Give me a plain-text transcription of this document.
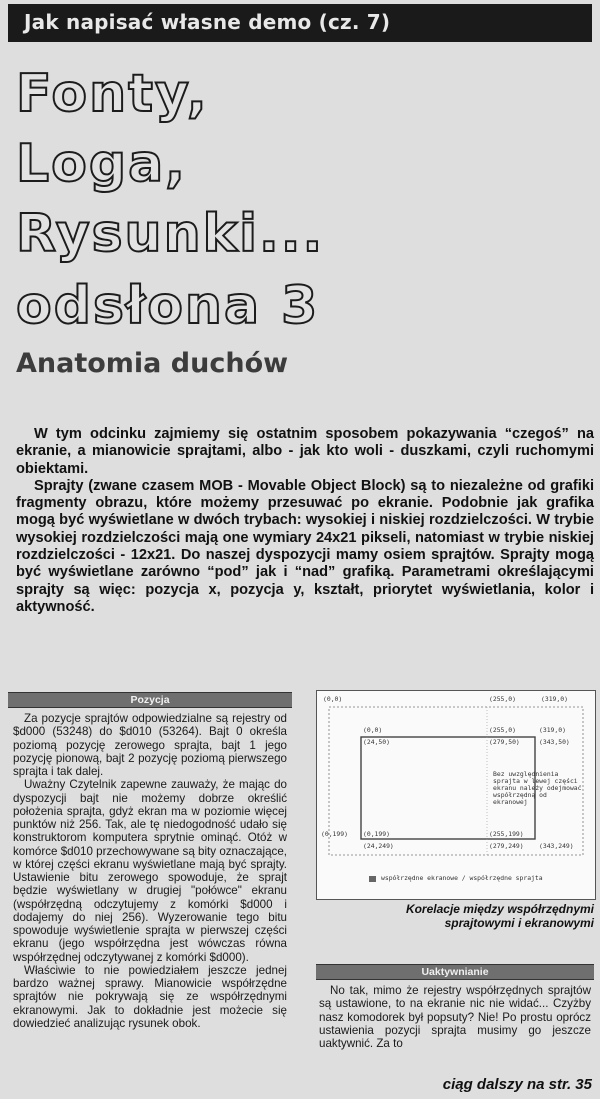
Jak napisać własne demo (cz. 7)
Fonty,
Loga,
Rysunki...
odsłona 3
Anatomia duchów

W tym odcinku zajmiemy się ostatnim sposobem pokazywania “czegoś” na ekranie, a mianowicie sprajtami, albo - jak kto woli - duszkami, czyli ruchomymi obiektami.

Sprajty (zwane czasem MOB - Movable Object Block) są to niezależne od grafiki fragmenty obrazu, które możemy przesuwać po ekranie. Podobnie jak grafika mogą być wyświetlane w dwóch trybach: wysokiej i niskiej rozdzielczości. W trybie wysokiej rozdzielczości mają one wymiary 24x21 pikseli, natomiast w trybie niskiej rozdzielczości - 12x21. Do naszej dyspozycji mamy osiem sprajtów. Sprajty mogą być wyświetlane zarówno “pod” jak i “nad” grafiką. Parametrami określającymi sprajty są więc: pozycja x, pozycja y, kształt, priorytet wyświetlania, kolor i aktywność.

Pozycja

Za pozycje sprajtów odpowiedzialne są rejestry od $d000 (53248) do $d010 (53264). Bajt 0 określa poziomą pozycję zerowego sprajta, bajt 1 jego pozycję pionową, bajt 2 pozycję poziomą pierwszego sprajta i tak dalej.

Uważny Czytelnik zapewne zauważy, że mając do dyspozycji bajt nie możemy dobrze określić położenia sprajta, gdyż ekran ma w poziomie więcej punktów niż 256. Tak, ale tę niedogodność udało się konstruktorom komputera sprytnie ominąć. Otóż w komórce $d010 przechowywane są bity oznaczające, w której części ekranu wyświetlane mają być sprajty. Ustawienie bitu zerowego spowoduje, że sprajt będzie wyświetlany w drugiej "połówce" ekranu (współrzędną odczytujemy z komórki $d000 i dodajemy do niej 256). Wyzerowanie tego bitu spowoduje wyświetlenie sprajta w pierwszej części ekranu (jego współrzędna jest wówczas równa współrzędnej odczytywanej z komórki $d000).

Właściwie to nie powiedziałem jeszcze jednej bardzo ważnej sprawy. Mianowicie współrzędne sprajtów nie pokrywają się ze współrzędnymi ekranowymi. Jak to dokładnie jest możecie się dowiedzieć analizując rysunek obok.

(0,0)	(255,0)	(319,0)
(0,0)
(24,50)
(255,0)
(279,50)
(319,0)
(343,50)
(0,199) (0,199)
(24,249)
(255,199)
(279,249) (343,249)
Bez uwzględnienia sprajta w lewej części ekranu należy odejmować współrzędną od ekranowej
współrzędne ekranowe / współrzędne sprajta
Korelacje między współrzędnymi
sprajtowymi i ekranowymi
Uaktywnianie

No tak, mimo że rejestry współrzędnych sprajtów są ustawione, to na ekranie nic nie widać... Czyżby nasz komodorek był popsuty? Nie! Po prostu oprócz ustawienia pozycji sprajta musimy go jeszcze uaktywnić. Za to

ciąg dalszy na str. 35
